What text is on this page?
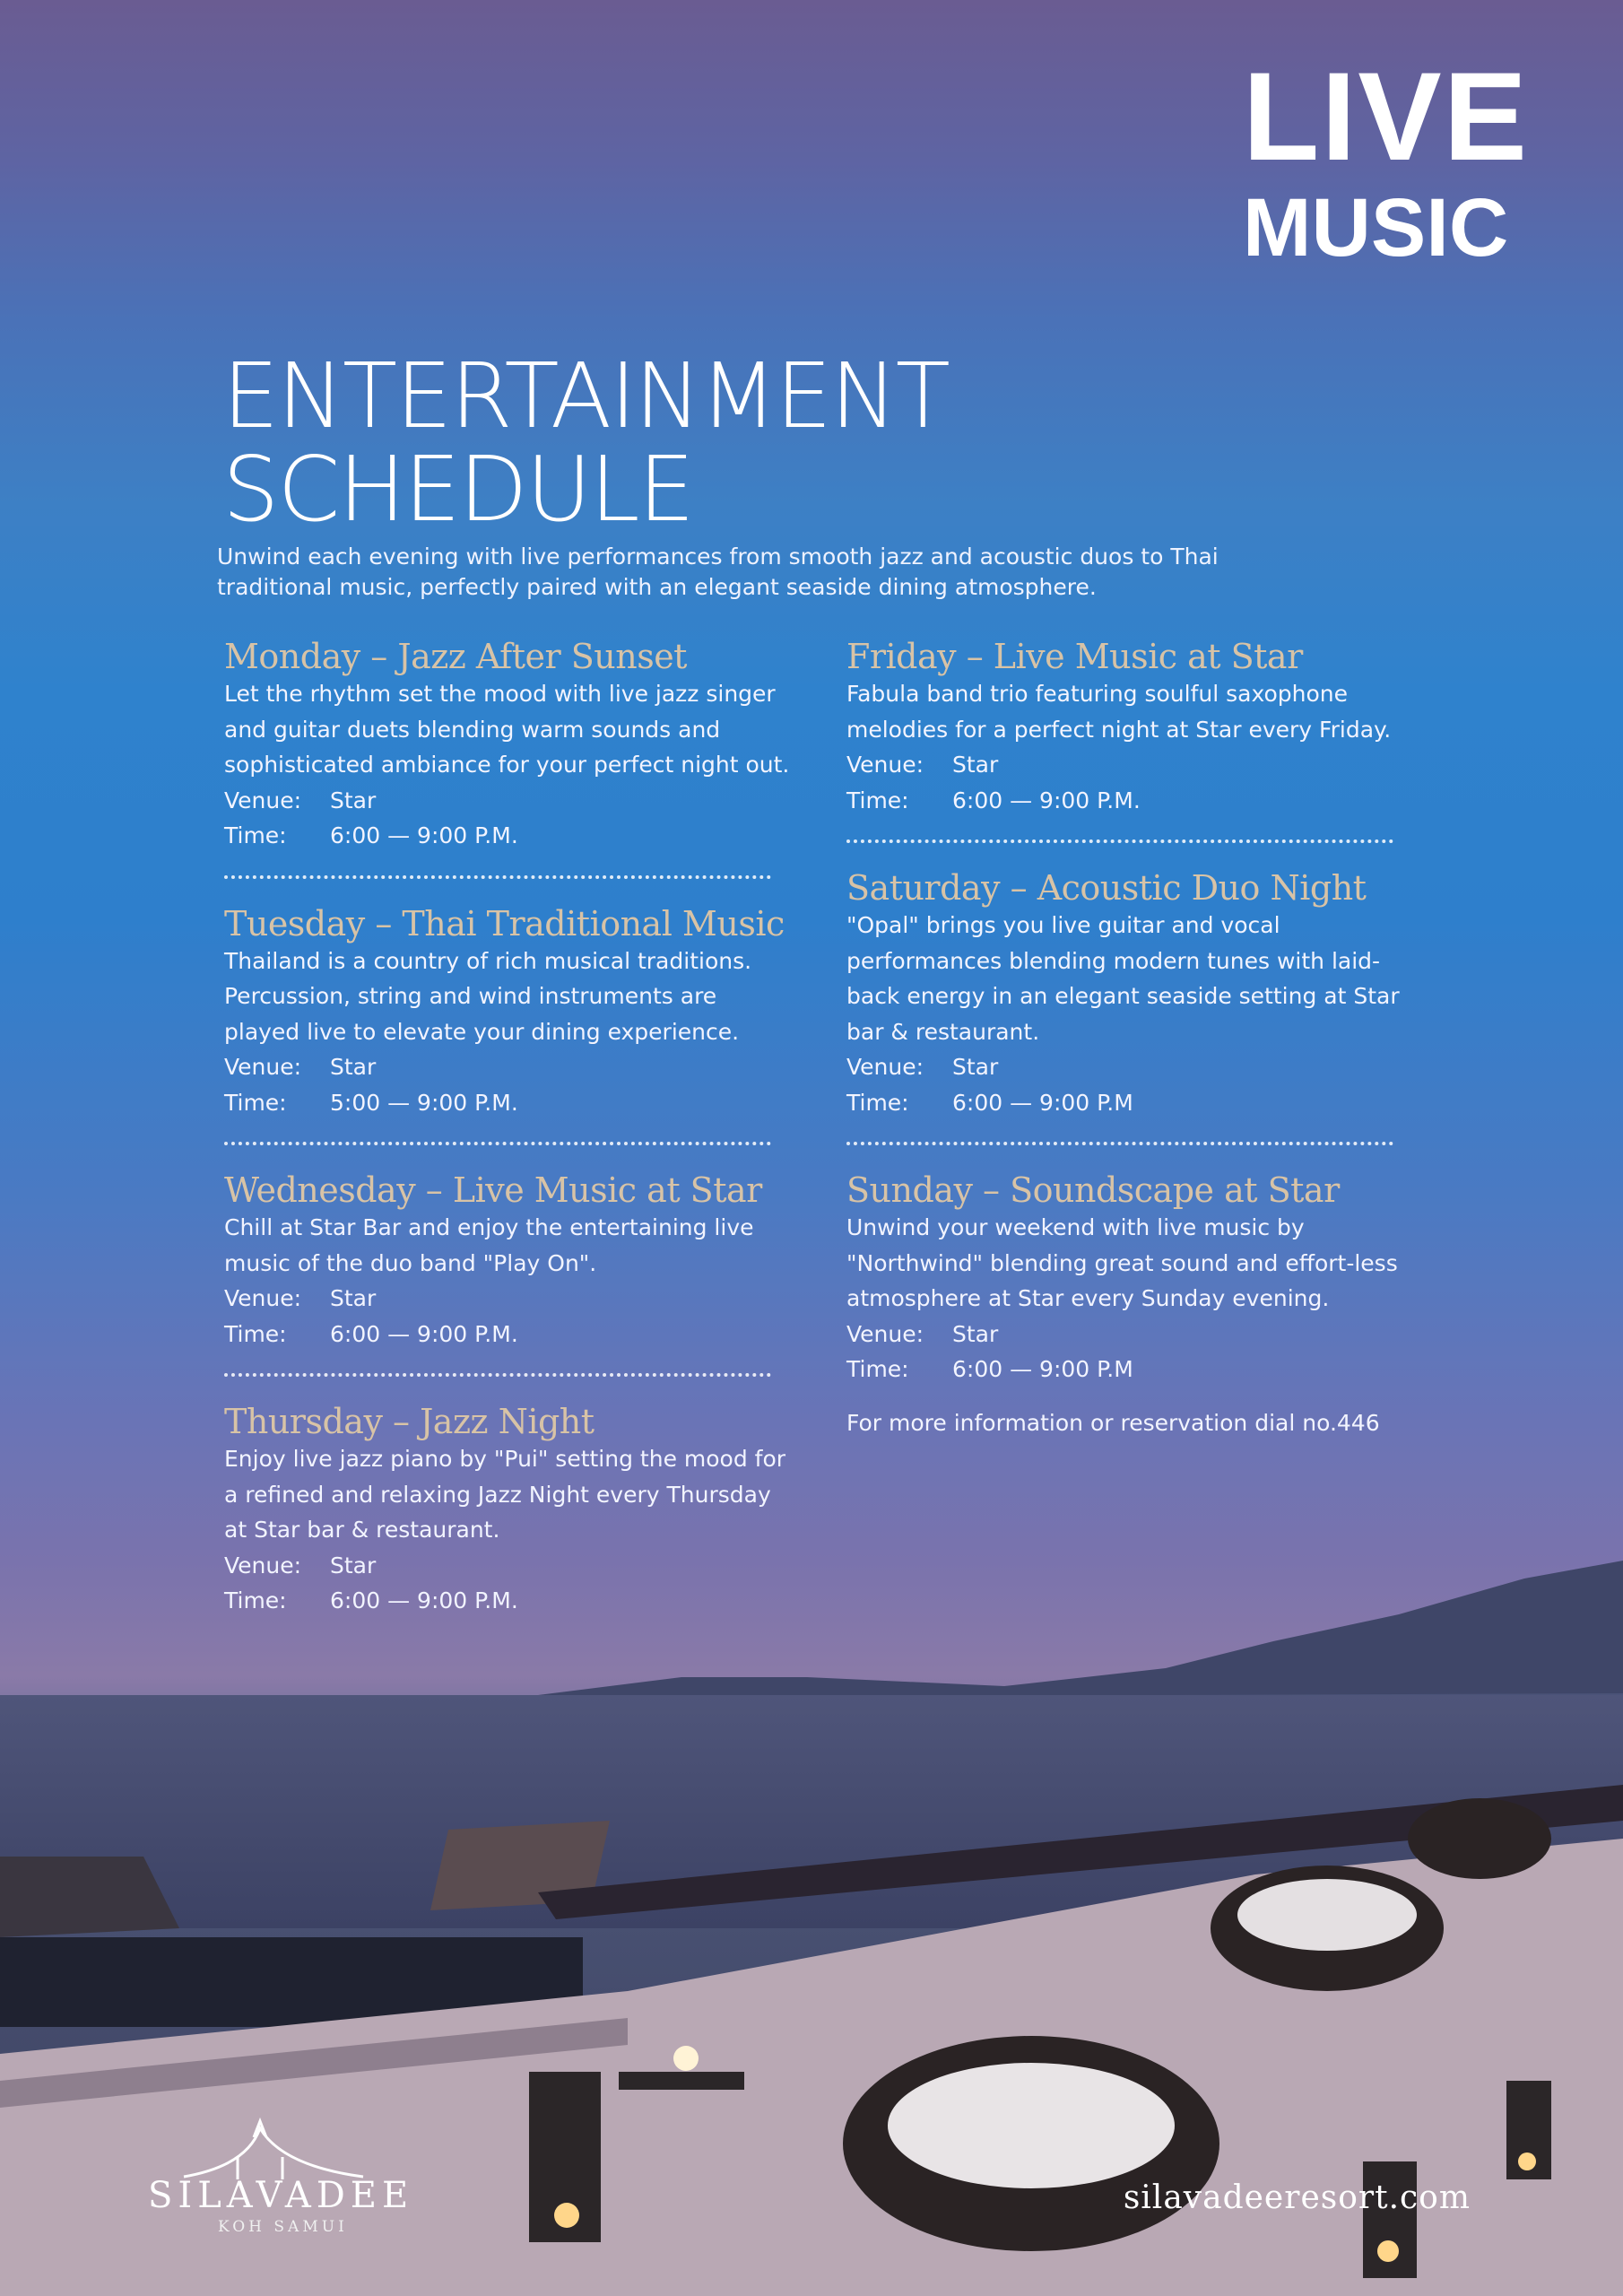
LIVE
MUSIC
ENTERTAINMENT
SCHEDULE
Unwind each evening with live performances from smooth jazz and acoustic duos to Thai traditional music, perfectly paired with an elegant seaside dining atmosphere.
Monday – Jazz After Sunset

Let the rhythm set the mood with live jazz singer and guitar duets blending warm sounds and sophisticated ambiance for your perfect night out.

Venue: Star
Time: 6:00 — 9:00 P.M.
Tuesday – Thai Traditional Music

Thailand is a country of rich musical traditions. Percussion, string and wind instruments are played live to elevate your dining experience.

Venue: Star
Time: 5:00 — 9:00 P.M.
Wednesday – Live Music at Star

Chill at Star Bar and enjoy the entertaining live music of the duo band "Play On".

Venue: Star
Time: 6:00 — 9:00 P.M.
Thursday – Jazz Night

Enjoy live jazz piano by "Pui" setting the mood for a refined and relaxing Jazz Night every Thursday at Star bar & restaurant.

Venue: Star
Time: 6:00 — 9:00 P.M.
Friday – Live Music at Star

Fabula band trio featuring soulful saxophone melodies for a perfect night at Star every Friday.

Venue: Star
Time: 6:00 — 9:00 P.M.
Saturday – Acoustic Duo Night

"Opal" brings you live guitar and vocal performances blending modern tunes with laid-back energy in an elegant seaside setting at Star bar & restaurant.

Venue: Star
Time: 6:00 — 9:00 P.M
Sunday – Soundscape at Star

Unwind your weekend with live music by "Northwind" blending great sound and effort-less atmosphere at Star every Sunday evening.

Venue: Star
Time: 6:00 — 9:00 P.M
For more information or reservation dial no.446
SILAVADEE
KOH SAMUI
silavadeeresort.com
